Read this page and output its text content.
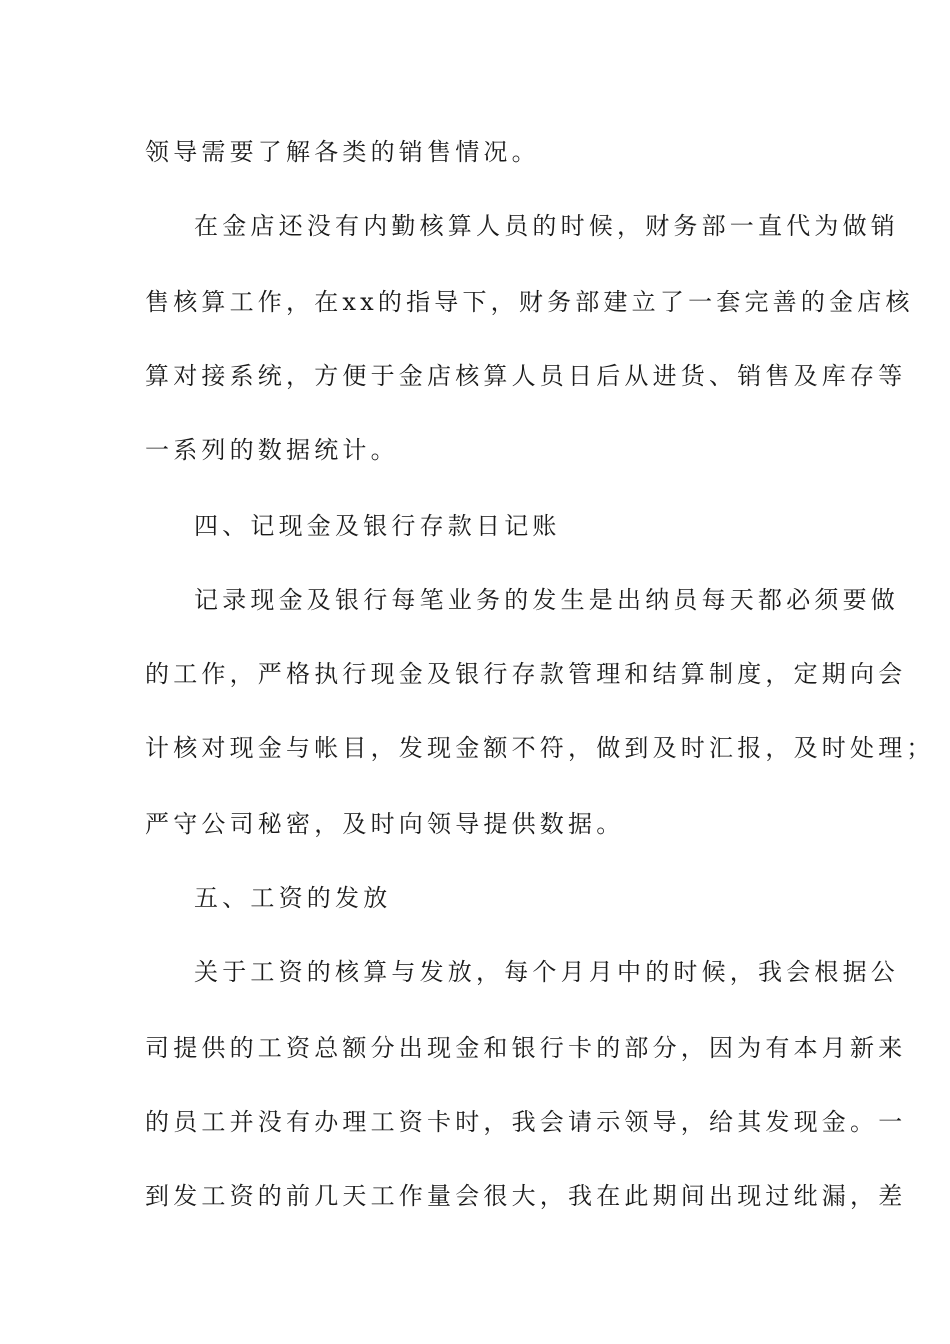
领导需要了解各类的销售情况。
在金店还没有内勤核算人员的时候，财务部一直代为做销
售核算工作，在xx的指导下，财务部建立了一套完善的金店核
算对接系统，方便于金店核算人员日后从进货、销售及库存等
一系列的数据统计。
四、记现金及银行存款日记账
记录现金及银行每笔业务的发生是出纳员每天都必须要做
的工作，严格执行现金及银行存款管理和结算制度，定期向会
计核对现金与帐目，发现金额不符，做到及时汇报，及时处理；
严守公司秘密，及时向领导提供数据。
五、工资的发放
关于工资的核算与发放，每个月月中的时候，我会根据公
司提供的工资总额分出现金和银行卡的部分，因为有本月新来
的员工并没有办理工资卡时，我会请示领导，给其发现金。一
到发工资的前几天工作量会很大，我在此期间出现过纰漏，差
